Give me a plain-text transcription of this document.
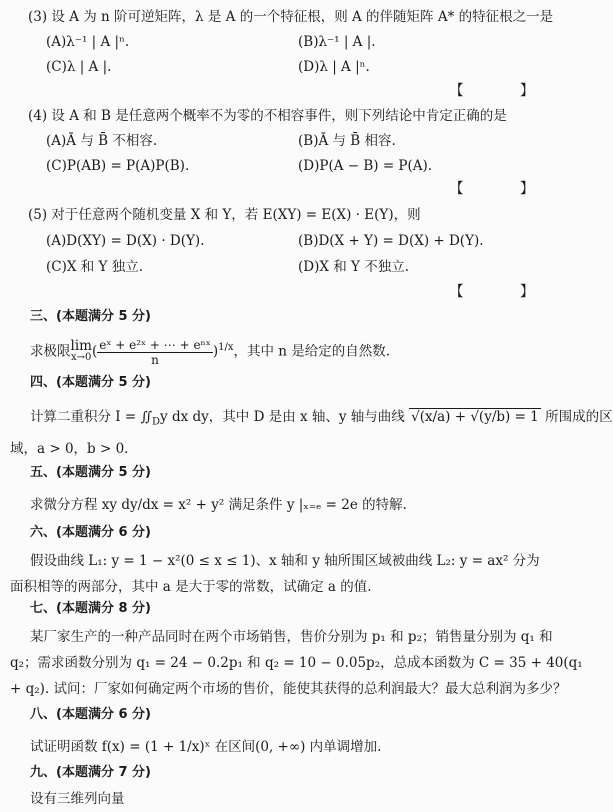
(3) 设 A 为 n 阶可逆矩阵，λ 是 A 的一个特征根，则 A 的伴随矩阵 A* 的特征根之一是
(A)λ⁻¹ | A |ⁿ.	(B)λ⁻¹ | A |.
(C)λ | A |.	(D)λ | A |ⁿ.
【 】
(4) 设 A 和 B 是任意两个概率不为零的不相容事件，则下列结论中肯定正确的是
(A)Ā 与 B̄ 不相容.	(B)Ā 与 B̄ 相容.
(C)P(AB) = P(A)P(B).	(D)P(A − B) = P(A).
【 】
(5) 对于任意两个随机变量 X 和 Y，若 E(XY) = E(X) · E(Y)，则
(A)D(XY) = D(X) · D(Y).	(B)D(X + Y) = D(X) + D(Y).
(C)X 和 Y 独立.	(D)X 和 Y 不独立.
【 】
三、(本题满分 5 分)
求极限 lim
x→0 ( $\frac{\text{eˣ + e²ˣ + ⋯ + eⁿˣ}}{n} )^{1/x}$，其中 n 是给定的自然数.
四、(本题满分 5 分)
计算二重积分 $I = ∬_Dy$ dx dy，其中 D 是由 x 轴、y 轴与曲线 √(x/a) + √(y/b) = 1 所围成的区
域，a > 0，b > 0.
五、(本题满分 5 分)
求微分方程 xy dy/dx = x² + y² 满足条件 y |ₓ₌ₑ = 2e 的特解.
六、(本题满分 6 分)
假设曲线 L₁: y = 1 − x²(0 ≤ x ≤ 1)、x 轴和 y 轴所围区域被曲线 L₂: y = ax² 分为
面积相等的两部分，其中 a 是大于零的常数，试确定 a 的值.
七、(本题满分 8 分)
某厂家生产的一种产品同时在两个市场销售，售价分别为 p₁ 和 p₂；销售量分别为 q₁ 和
q₂；需求函数分别为 q₁ = 24 − 0.2p₁ 和 q₂ = 10 − 0.05p₂，总成本函数为 C = 35 + 40(q₁
+ q₂). 试问：厂家如何确定两个市场的售价，能使其获得的总利润最大？最大总利润为多少？
八、(本题满分 6 分)
试证明函数 f(x) = (1 + 1/x)ˣ 在区间(0, +∞) 内单调增加.
九、(本题满分 7 分)
设有三维列向量
